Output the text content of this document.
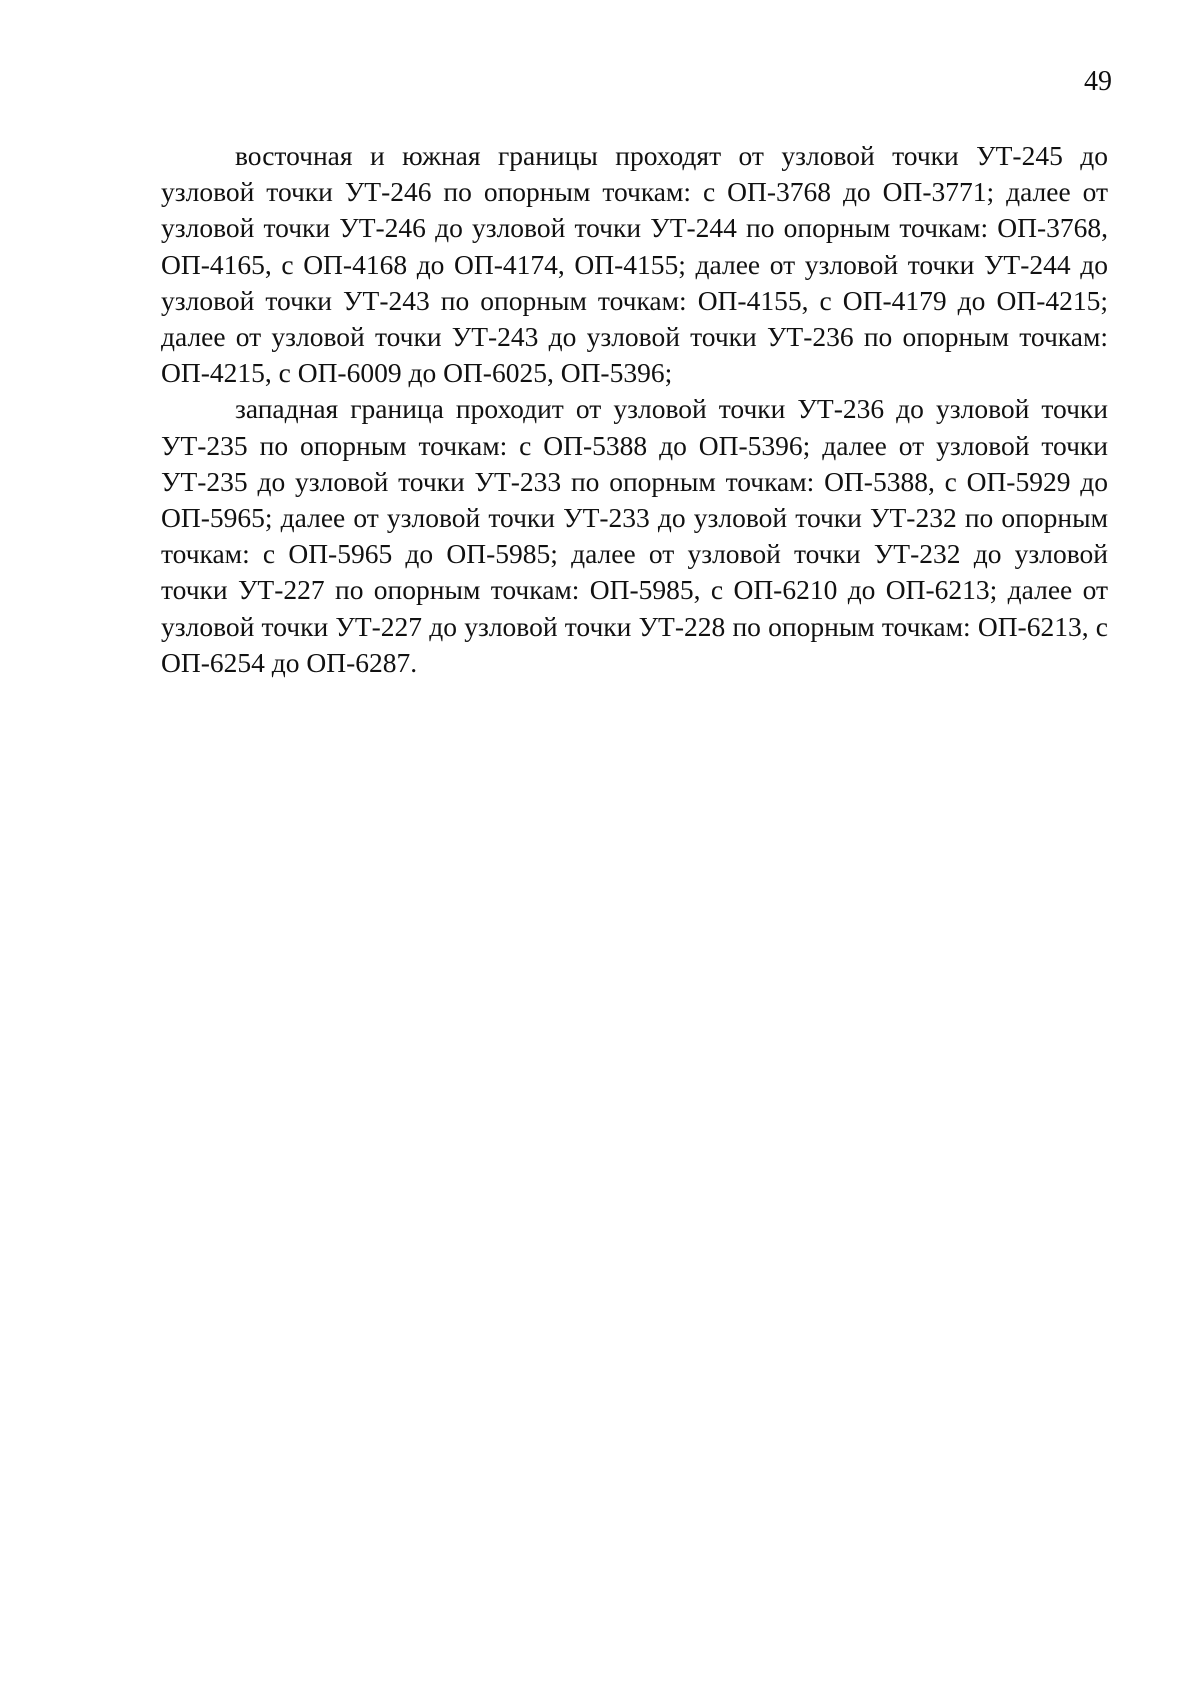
49

восточная и южная границы проходят от узловой точки УТ-245 до узловой точки УТ-246 по опорным точкам: с ОП-3768 до ОП-3771; далее от узловой точки УТ-246 до узловой точки УТ-244 по опорным точкам: ОП-3768, ОП-4165, с ОП-4168 до ОП-4174, ОП-4155; далее от узловой точки УТ-244 до узловой точки УТ-243 по опорным точкам: ОП-4155, с ОП-4179 до ОП-4215; далее от узловой точки УТ-243 до узловой точки УТ-236 по опорным точкам: ОП-4215, с ОП-6009 до ОП-6025, ОП-5396;

западная граница проходит от узловой точки УТ-236 до узловой точки УТ-235 по опорным точкам: с ОП-5388 до ОП-5396; далее от узловой точки УТ-235 до узловой точки УТ-233 по опорным точкам: ОП-5388, с ОП-5929 до ОП-5965; далее от узловой точки УТ-233 до узловой точки УТ-232 по опорным точкам: с ОП-5965 до ОП-5985; далее от узловой точки УТ-232 до узловой точки УТ-227 по опорным точкам: ОП-5985, с ОП-6210 до ОП-6213; далее от узловой точки УТ-227 до узловой точки УТ-228 по опорным точкам: ОП-6213, с ОП-6254 до ОП-6287.
